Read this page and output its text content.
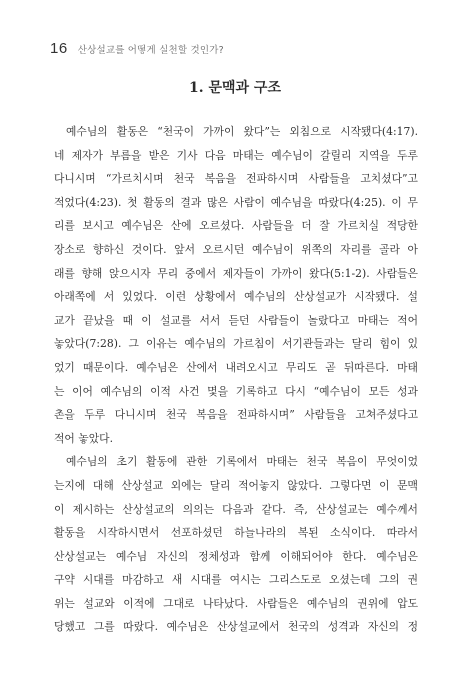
16 산상설교를 어떻게 실천할 것인가?
1. 문맥과 구조
예수님의 활동은 “천국이 가까이 왔다”는 외침으로 시작됐다(4:17).
네 제자가 부름을 받은 기사 다음 마태는 예수님이 갈릴리 지역을 두루
다니시며 “가르치시며 천국 복음을 전파하시며 사람들을 고치셨다”고
적었다(4:23). 첫 활동의 결과 많은 사람이 예수님을 따랐다(4:25). 이 무
리를 보시고 예수님은 산에 오르셨다. 사람들을 더 잘 가르치실 적당한
장소로 향하신 것이다. 앞서 오르시던 예수님이 위쪽의 자리를 골라 아
래를 향해 앉으시자 무리 중에서 제자들이 가까이 왔다(5:1-2). 사람들은
아래쪽에 서 있었다. 이런 상황에서 예수님의 산상설교가 시작됐다. 설
교가 끝났을 때 이 설교를 서서 듣던 사람들이 놀랐다고 마태는 적어
놓았다(7:28). 그 이유는 예수님의 가르침이 서기관들과는 달리 힘이 있
었기 때문이다. 예수님은 산에서 내려오시고 무리도 곧 뒤따른다. 마태
는 이어 예수님의 이적 사건 몇을 기록하고 다시 “예수님이 모든 성과
촌을 두루 다니시며 천국 복음을 전파하시며” 사람들을 고쳐주셨다고
적어 놓았다.
예수님의 초기 활동에 관한 기록에서 마태는 천국 복음이 무엇이었
는지에 대해 산상설교 외에는 달리 적어놓지 않았다. 그렇다면 이 문맥
이 제시하는 산상설교의 의의는 다음과 같다. 즉, 산상설교는 예수께서
활동을 시작하시면서 선포하셨던 하늘나라의 복된 소식이다. 따라서
산상설교는 예수님 자신의 정체성과 함께 이해되어야 한다. 예수님은
구약 시대를 마감하고 새 시대를 여시는 그리스도로 오셨는데 그의 권
위는 설교와 이적에 그대로 나타났다. 사람들은 예수님의 권위에 압도
당했고 그를 따랐다. 예수님은 산상설교에서 천국의 성격과 자신의 정
